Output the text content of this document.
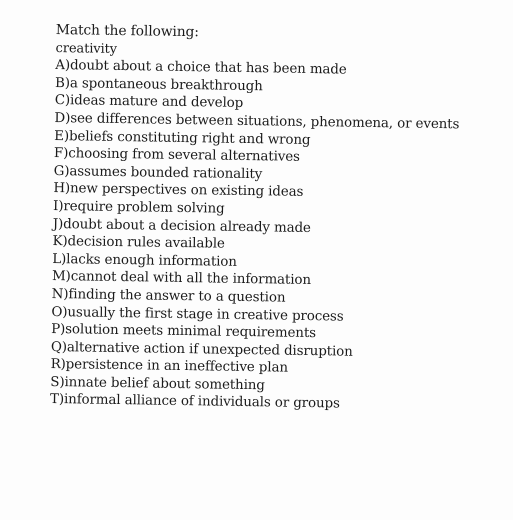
Match the following:
creativity
A)doubt about a choice that has been made
B)a spontaneous breakthrough
C)ideas mature and develop
D)see differences between situations, phenomena, or events
E)beliefs constituting right and wrong
F)choosing from several alternatives
G)assumes bounded rationality
H)new perspectives on existing ideas
I)require problem solving
J)doubt about a decision already made
K)decision rules available
L)lacks enough information
M)cannot deal with all the information
N)finding the answer to a question
O)usually the first stage in creative process
P)solution meets minimal requirements
Q)alternative action if unexpected disruption
R)persistence in an ineffective plan
S)innate belief about something
T)informal alliance of individuals or groups
